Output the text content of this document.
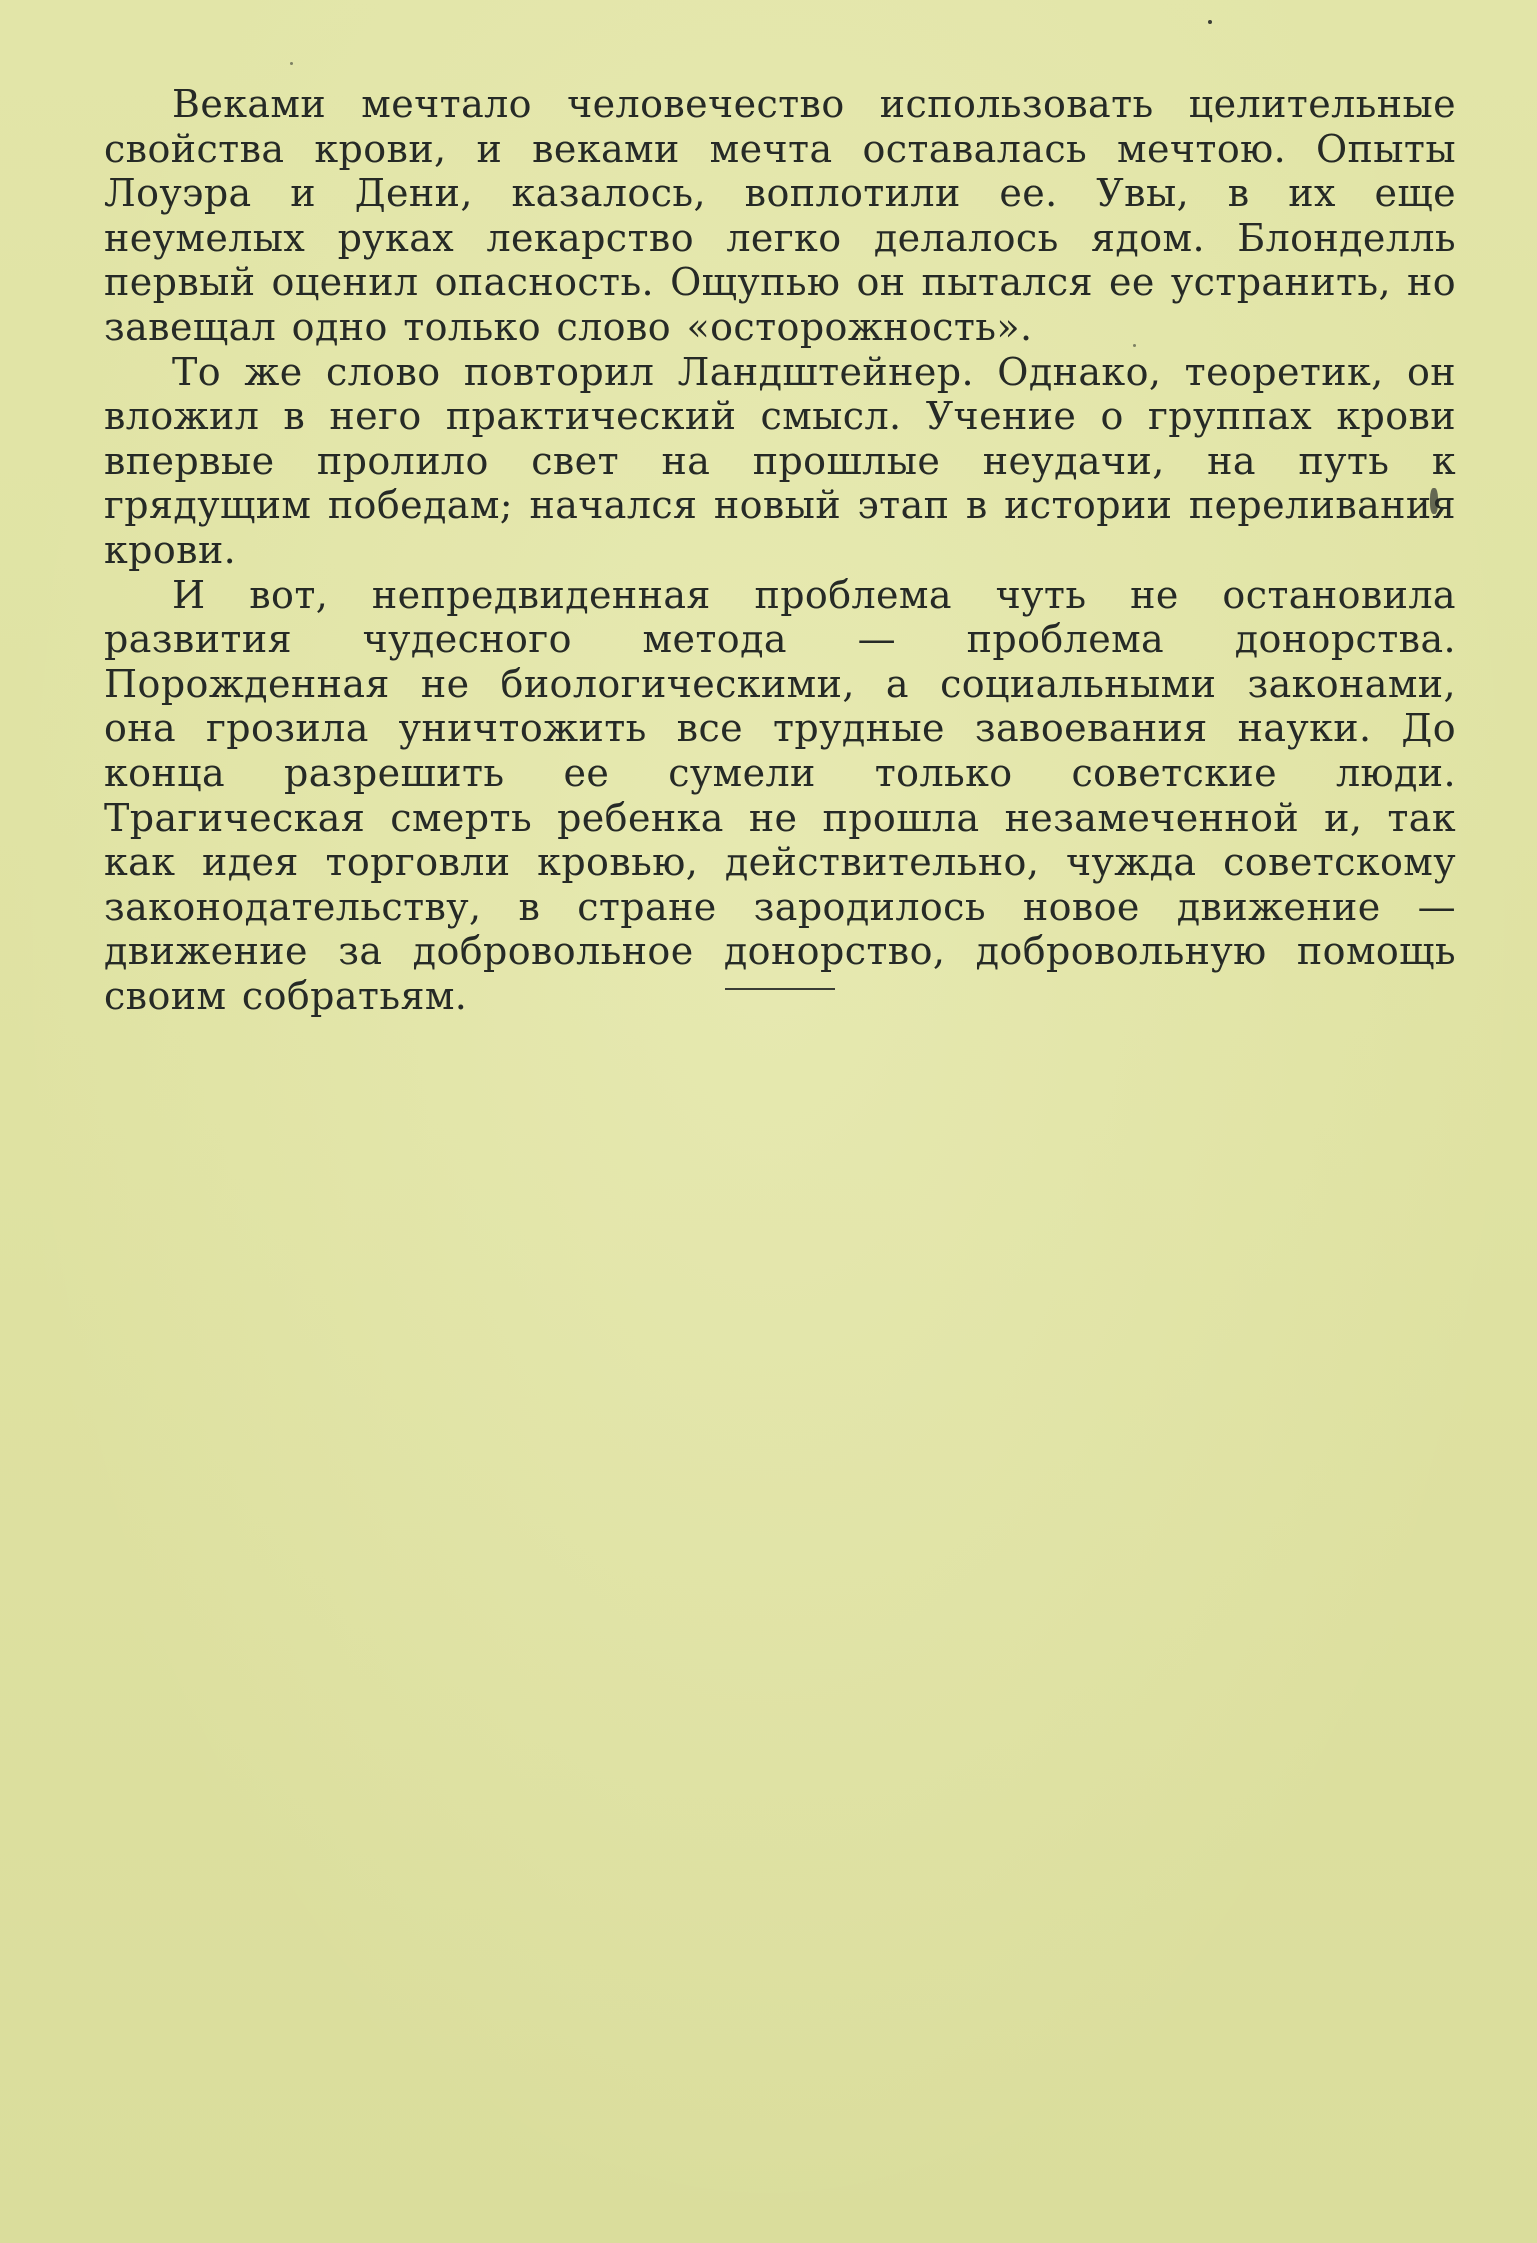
Веками мечтало человечество использовать целительные свойства крови, и веками мечта оставалась мечтою. Опыты Лоуэра и Дени, казалось, воплотили ее. Увы, в их еще неумелых руках лекарство легко делалось ядом. Блонделль первый оценил опасность. Ощупью он пытался ее устранить, но завещал одно только слово «осторожность».

То же слово повторил Ландштейнер. Однако, теоретик, он вложил в него практический смысл. Учение о группах крови впервые пролило свет на прошлые неудачи, на путь к грядущим победам; начался новый этап в истории переливания крови.

И вот, непредвиденная проблема чуть не остановила развития чудесного метода — проблема донорства. Порожденная не биологическими, а социальными законами, она грозила уничтожить все трудные завоевания науки. До конца разрешить ее сумели только советские люди. Трагическая смерть ребенка не прошла незамеченной и, так как идея торговли кровью, действительно, чужда советскому законодательству, в стране зародилось новое движение — движение за добровольное донорство, добровольную помощь своим собратьям.
